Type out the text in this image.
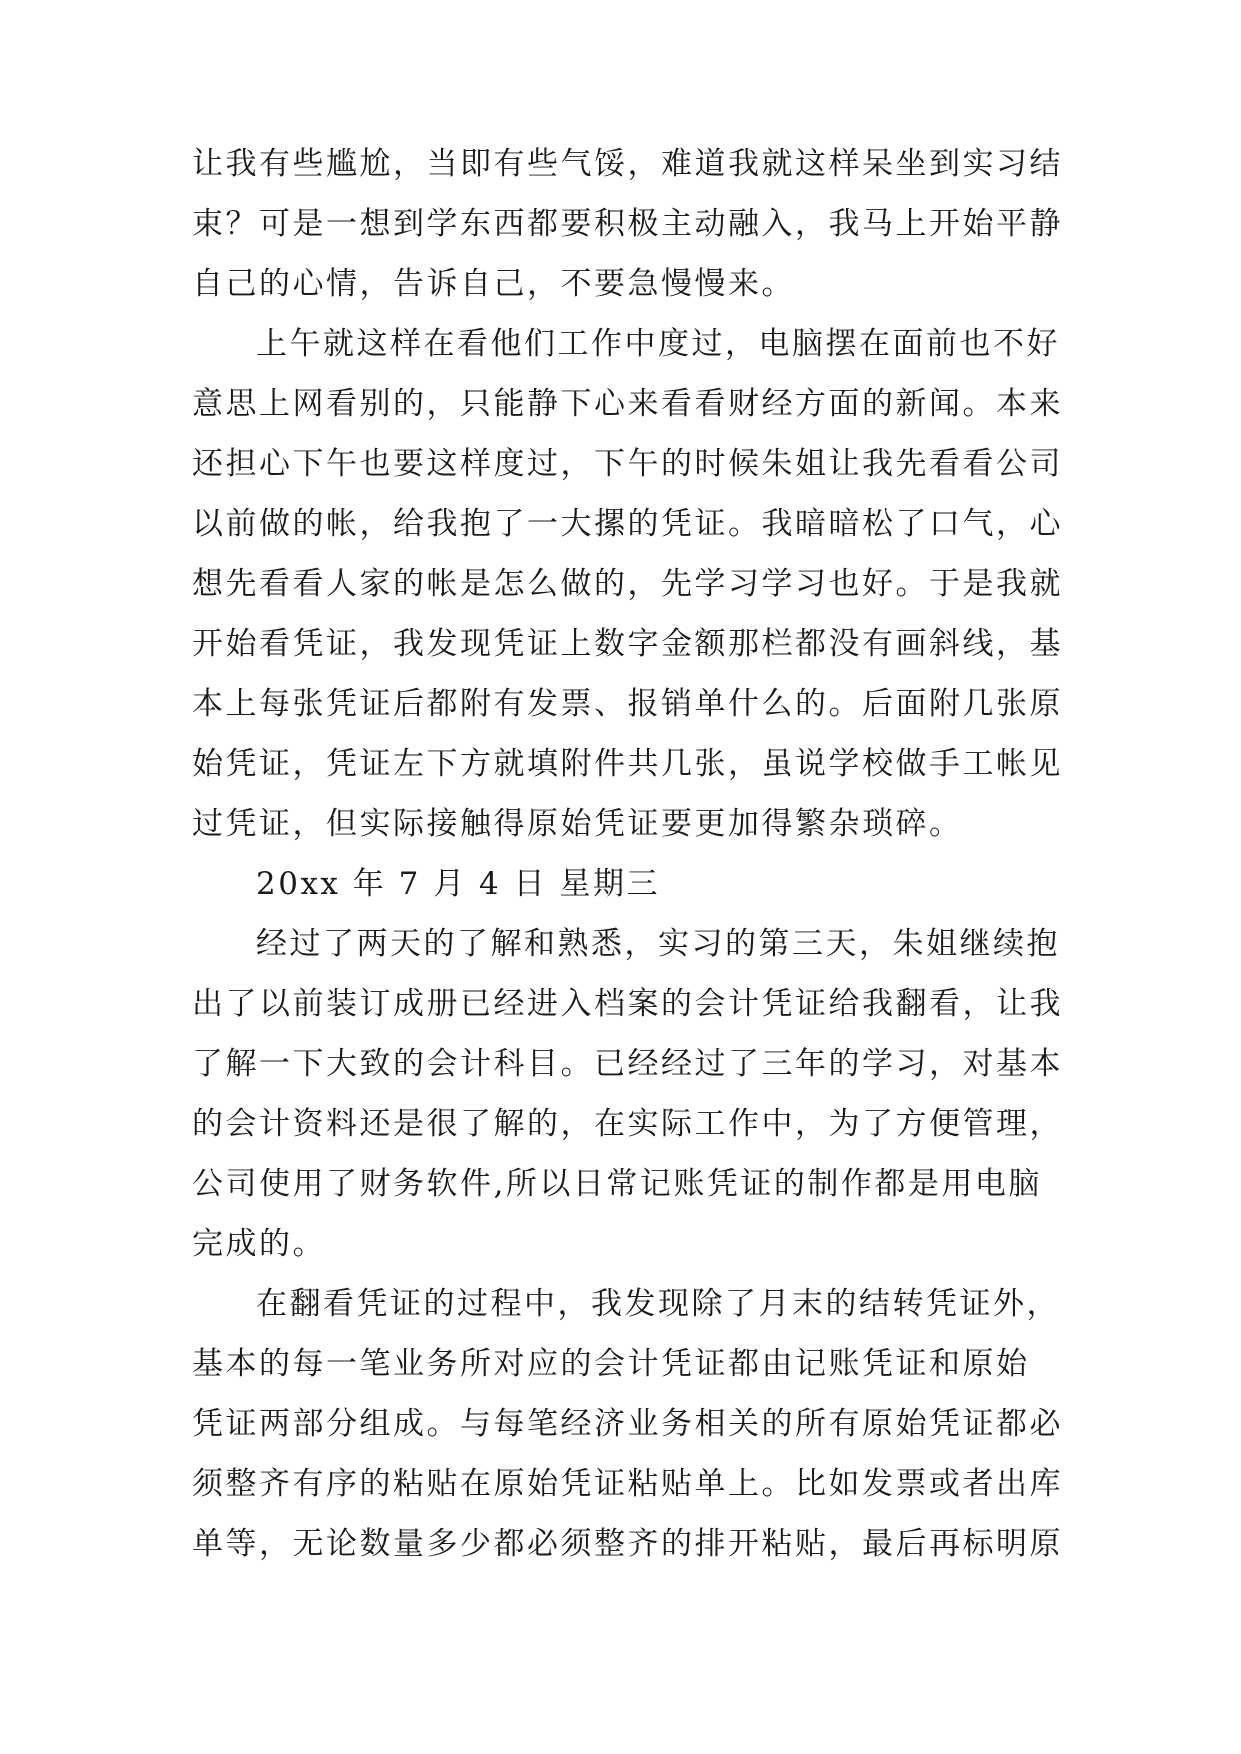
让我有些尴尬，当即有些气馁，难道我就这样呆坐到实习结

束？可是一想到学东西都要积极主动融入，我马上开始平静

自己的心情，告诉自己，不要急慢慢来。

上午就这样在看他们工作中度过，电脑摆在面前也不好

意思上网看别的，只能静下心来看看财经方面的新闻。本来

还担心下午也要这样度过，下午的时候朱姐让我先看看公司

以前做的帐，给我抱了一大摞的凭证。我暗暗松了口气，心

想先看看人家的帐是怎么做的，先学习学习也好。于是我就

开始看凭证，我发现凭证上数字金额那栏都没有画斜线，基

本上每张凭证后都附有发票、报销单什么的。后面附几张原

始凭证，凭证左下方就填附件共几张，虽说学校做手工帐见

过凭证，但实际接触得原始凭证要更加得繁杂琐碎。

20xx 年 7 月 4 日 星期三

经过了两天的了解和熟悉，实习的第三天，朱姐继续抱

出了以前装订成册已经进入档案的会计凭证给我翻看，让我

了解一下大致的会计科目。已经经过了三年的学习，对基本

的会计资料还是很了解的，在实际工作中，为了方便管理，

公司使用了财务软件,所以日常记账凭证的制作都是用电脑

完成的。

在翻看凭证的过程中，我发现除了月末的结转凭证外，

基本的每一笔业务所对应的会计凭证都由记账凭证和原始

凭证两部分组成。与每笔经济业务相关的所有原始凭证都必

须整齐有序的粘贴在原始凭证粘贴单上。比如发票或者出库

单等，无论数量多少都必须整齐的排开粘贴，最后再标明原
